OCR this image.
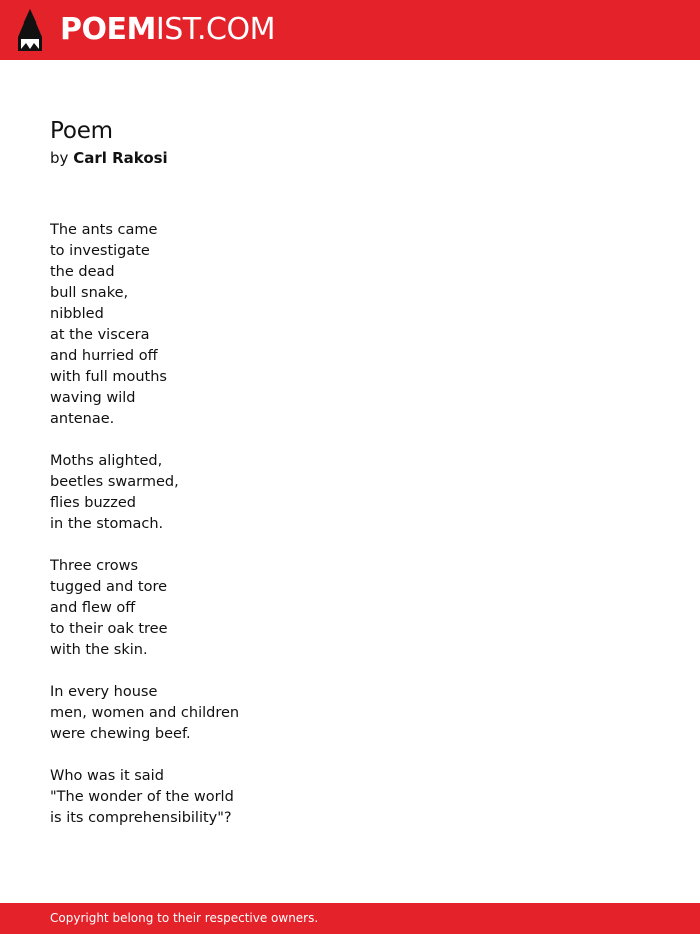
POEMIST.COM
Poem

by Carl Rakosi

The ants came
to investigate
the dead
bull snake,
nibbled
at the viscera
and hurried off
with full mouths
waving wild
antenae.

Moths alighted,
beetles swarmed,
flies buzzed
in the stomach.

Three crows
tugged and tore
and flew off
to their oak tree
with the skin.

In every house
men, women and children
were chewing beef.

Who was it said
"The wonder of the world
is its comprehensibility"?

Copyright belong to their respective owners.
